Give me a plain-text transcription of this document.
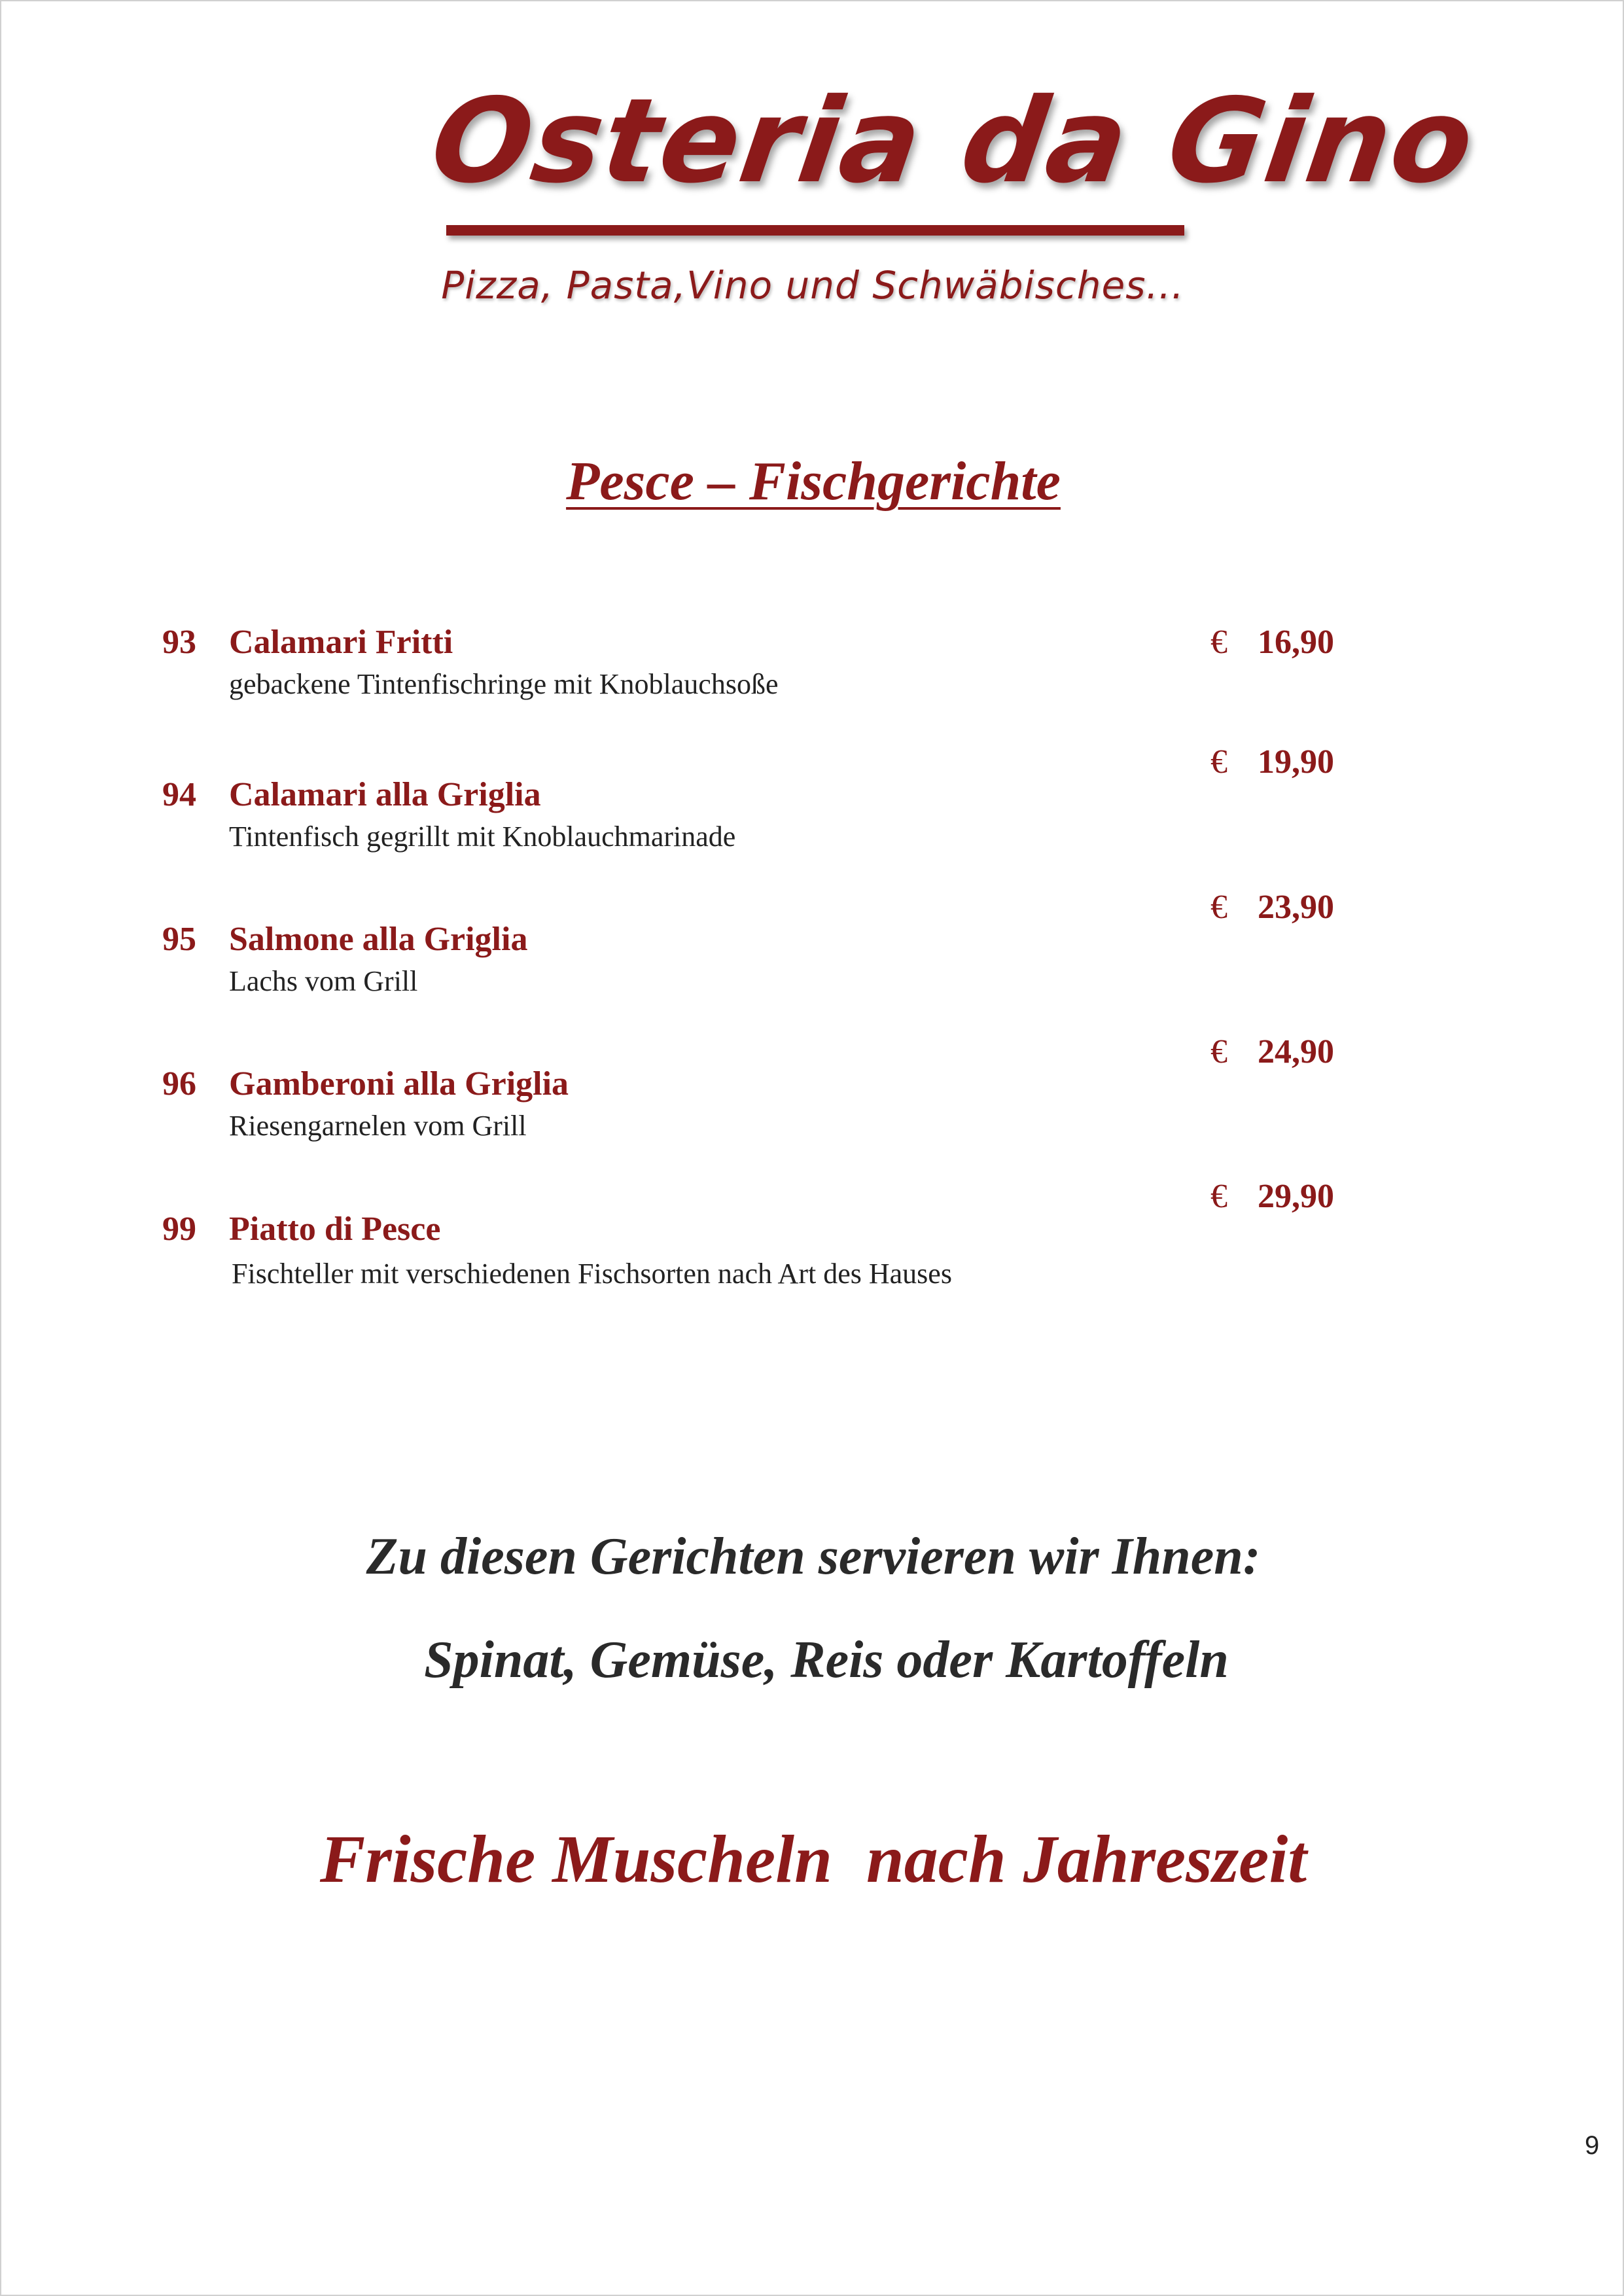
Osteria da Gino
Pizza, Pasta,Vino und Schwäbisches...
Pesce – Fischgerichte
93 Calamari Fritti
gebackene Tintenfischringe mit Knoblauchsoße
€ 16,90
94 Calamari alla Griglia
Tintenfisch gegrillt mit Knoblauchmarinade
€ 19,90
95 Salmone alla Griglia
Lachs vom Grill
€ 23,90
96 Gamberoni alla Griglia
Riesengarnelen vom Grill
€ 24,90
99 Piatto di Pesce
Fischteller mit verschiedenen Fischsorten nach Art des Hauses
€ 29,90
Zu diesen Gerichten servieren wir Ihnen:
Spinat, Gemüse, Reis oder Kartoffeln
Frische Muscheln  nach Jahreszeit
9
